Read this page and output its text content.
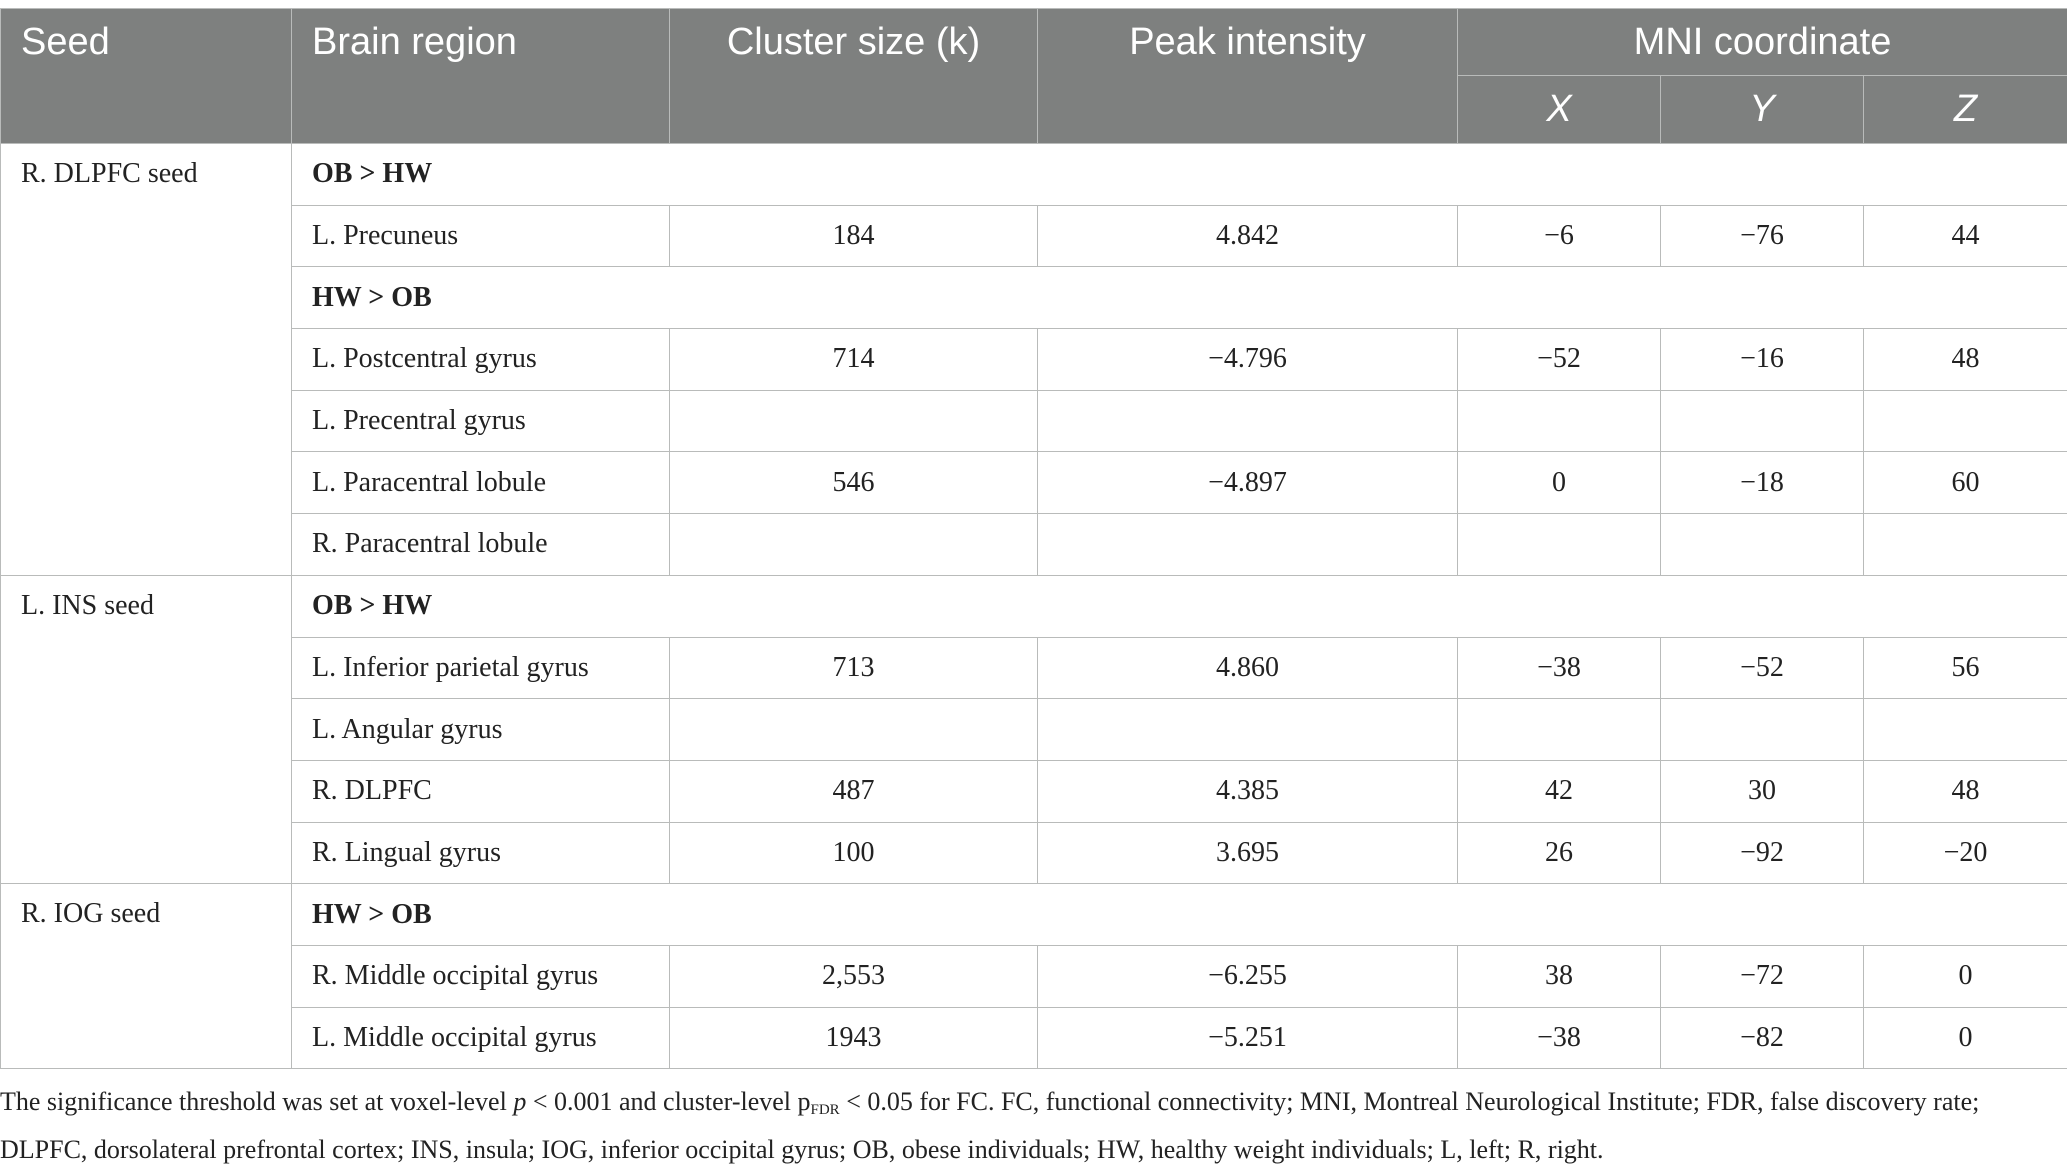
Seed	Brain region	Cluster size (k)	Peak intensity	MNI coordinate		
				X	Y	Z
R. DLPFC seed	OB > HW					
	L. Precuneus	184	4.842	−6	−76	44
	HW > OB					
	L. Postcentral gyrus	714	−4.796	−52	−16	48
	L. Precentral gyrus					
	L. Paracentral lobule	546	−4.897	0	−18	60
	R. Paracentral lobule					
L. INS seed	OB > HW					
	L. Inferior parietal gyrus	713	4.860	−38	−52	56
	L. Angular gyrus					
	R. DLPFC	487	4.385	42	30	48
	R. Lingual gyrus	100	3.695	26	−92	−20
R. IOG seed	HW > OB					
	R. Middle occipital gyrus	2,553	−6.255	38	−72	0
	L. Middle occipital gyrus	1943	−5.251	−38	−82	0

The significance threshold was set at voxel-level p < 0.001 and cluster-level $p_{FDR} < 0.05$ for FC. FC, functional connectivity; MNI, Montreal Neurological Institute; FDR, false discovery rate;

DLPFC, dorsolateral prefrontal cortex; INS, insula; IOG, inferior occipital gyrus; OB, obese individuals; HW, healthy weight individuals; L, left; R, right.
